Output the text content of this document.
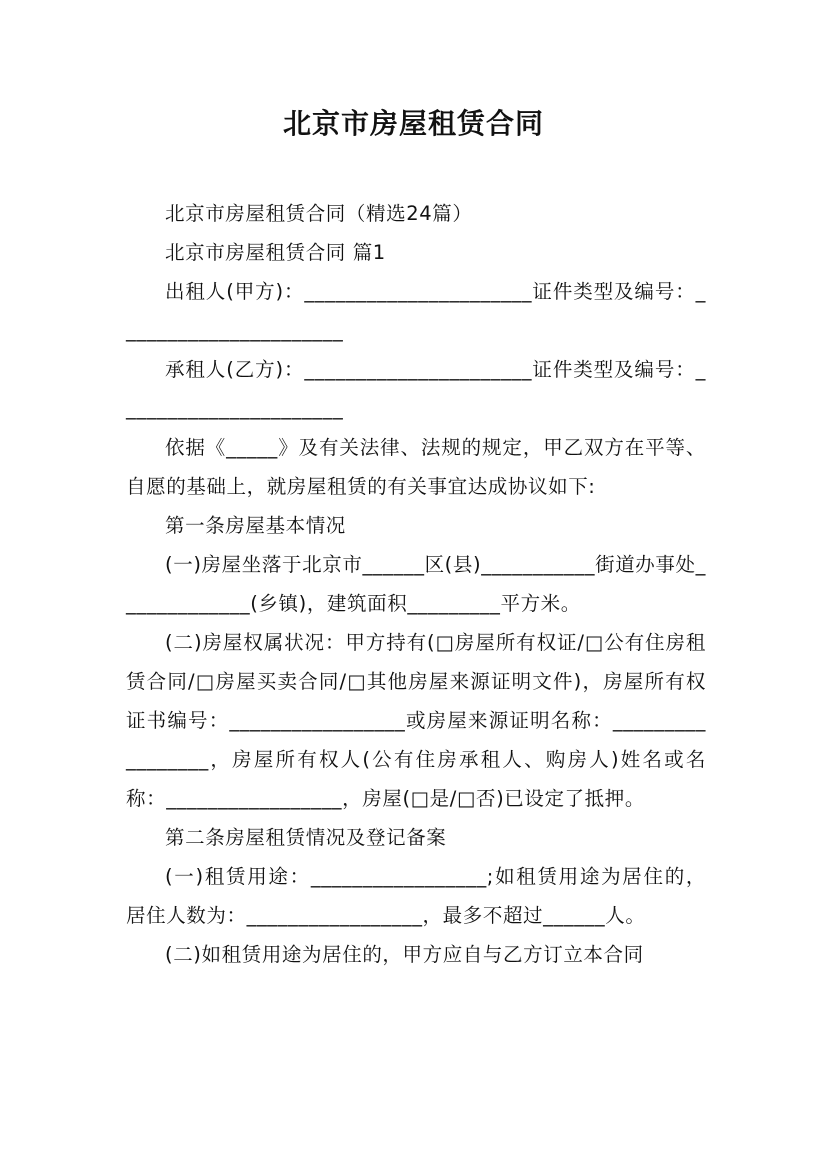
北京市房屋租赁合同

北京市房屋租赁合同（精选24篇）

北京市房屋租赁合同 篇1

出租人(甲方)：______________________证件类型及编号：______________________

承租人(乙方)：______________________证件类型及编号：______________________

依据《_____》及有关法律、法规的规定，甲乙双方在平等、自愿的基础上，就房屋租赁的有关事宜达成协议如下:

第一条房屋基本情况

(一)房屋坐落于北京市______区(县)___________街道办事处_____________(乡镇)，建筑面积_________平方米。

(二)房屋权属状况：甲方持有(□房屋所有权证/□公有住房租赁合同/□房屋买卖合同/□其他房屋来源证明文件)，房屋所有权证书编号：_________________或房屋来源证明名称：_________________，房屋所有权人(公有住房承租人、购房人)姓名或名称：_________________，房屋(□是/□否)已设定了抵押。

第二条房屋租赁情况及登记备案

(一)租赁用途：_________________;如租赁用途为居住的，居住人数为：_________________，最多不超过______人。

(二)如租赁用途为居住的，甲方应自与乙方订立本合同
